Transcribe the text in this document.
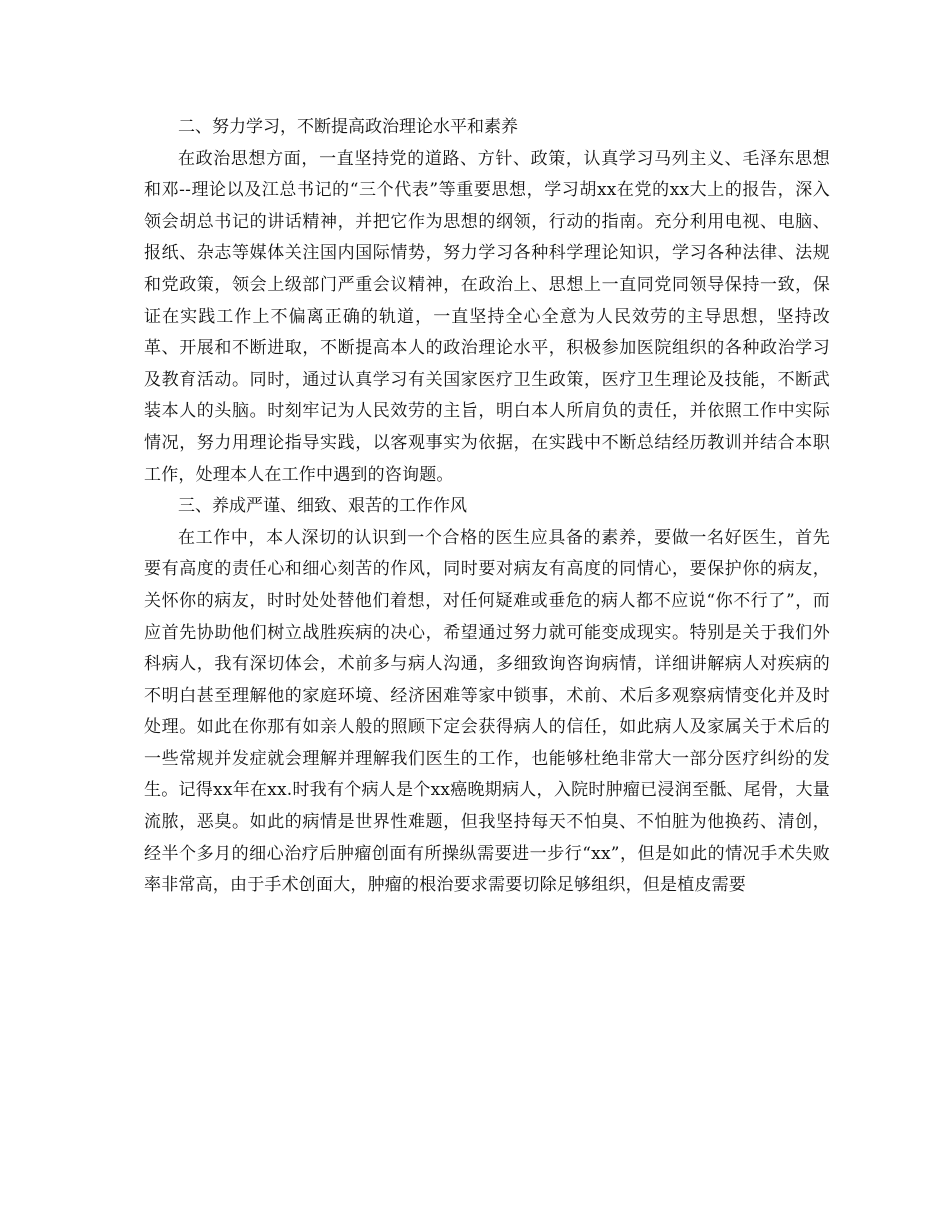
二、努力学习，不断提高政治理论水平和素养

在政治思想方面，一直坚持党的道路、方针、政策，认真学习马列主义、毛泽东思想和邓--理论以及江总书记的“三个代表”等重要思想，学习胡xx在党的xx大上的报告，深入领会胡总书记的讲话精神，并把它作为思想的纲领，行动的指南。充分利用电视、电脑、报纸、杂志等媒体关注国内国际情势，努力学习各种科学理论知识，学习各种法律、法规和党政策，领会上级部门严重会议精神，在政治上、思想上一直同党同领导保持一致，保证在实践工作上不偏离正确的轨道，一直坚持全心全意为人民效劳的主导思想，坚持改革、开展和不断进取，不断提高本人的政治理论水平，积极参加医院组织的各种政治学习及教育活动。同时，通过认真学习有关国家医疗卫生政策，医疗卫生理论及技能，不断武装本人的头脑。时刻牢记为人民效劳的主旨，明白本人所肩负的责任，并依照工作中实际情况，努力用理论指导实践，以客观事实为依据，在实践中不断总结经历教训并结合本职工作，处理本人在工作中遇到的咨询题。

三、养成严谨、细致、艰苦的工作作风

在工作中，本人深切的认识到一个合格的医生应具备的素养，要做一名好医生，首先要有高度的责任心和细心刻苦的作风，同时要对病友有高度的同情心，要保护你的病友，关怀你的病友，时时处处替他们着想，对任何疑难或垂危的病人都不应说“你不行了”，而应首先协助他们树立战胜疾病的决心，希望通过努力就可能变成现实。特别是关于我们外科病人，我有深切体会，术前多与病人沟通，多细致询咨询病情，详细讲解病人对疾病的不明白甚至理解他的家庭环境、经济困难等家中锁事，术前、术后多观察病情变化并及时处理。如此在你那有如亲人般的照顾下定会获得病人的信任，如此病人及家属关于术后的一些常规并发症就会理解并理解我们医生的工作，也能够杜绝非常大一部分医疗纠纷的发生。记得xx年在xx.时我有个病人是个xx癌晚期病人，入院时肿瘤已浸润至骶、尾骨，大量流脓，恶臭。如此的病情是世界性难题，但我坚持每天不怕臭、不怕脏为他换药、清创，经半个多月的细心治疗后肿瘤创面有所操纵需要进一步行“xx”，但是如此的情况手术失败率非常高，由于手术创面大，肿瘤的根治要求需要切除足够组织，但是植皮需要
